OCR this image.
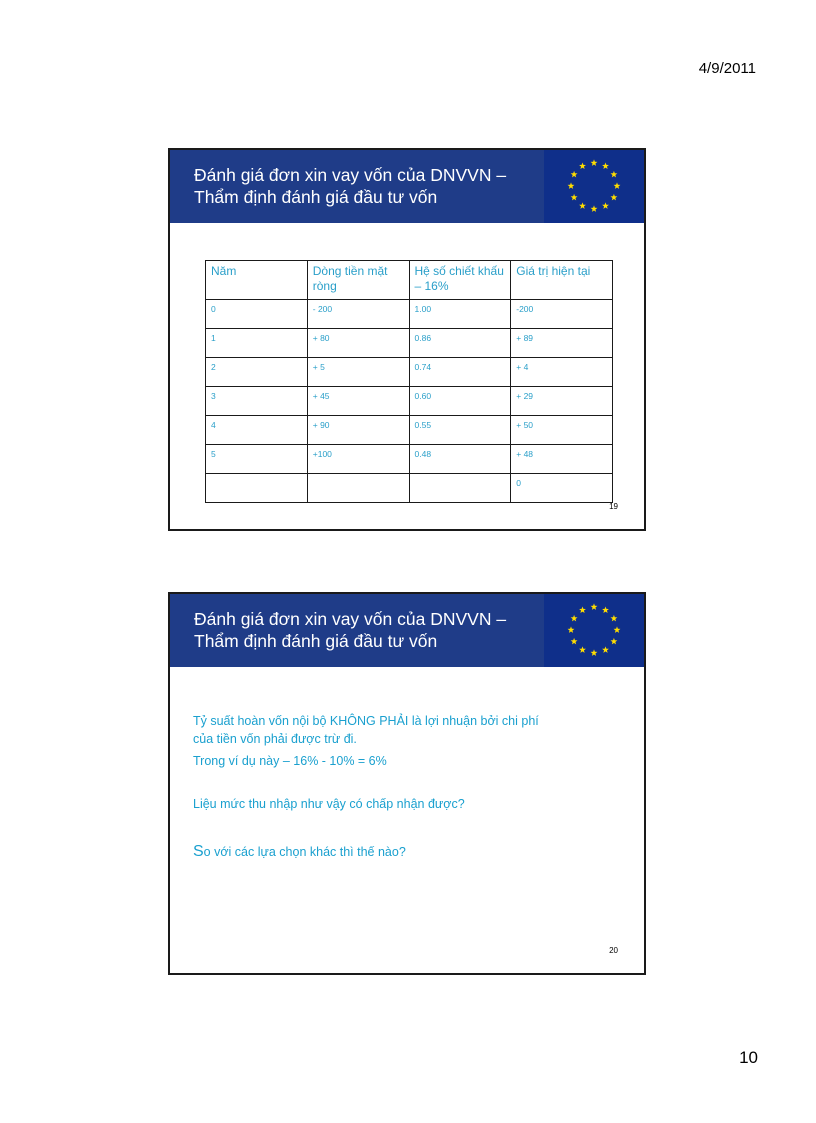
4/9/2011
Đánh giá đơn xin vay vốn của DNVVN –
Thẩm định đánh giá đầu tư vốn
Năm	Dòng tiền mặt ròng	Hệ số chiết khấu – 16%	Giá trị hiện tại
0	- 200	1.00	-200
1	+ 80	0.86	+ 89
2	+ 5	0.74	+ 4
3	+ 45	0.60	+ 29
4	+ 90	0.55	+ 50
5	+100	0.48	+ 48
			0
19
Đánh giá đơn xin vay vốn của DNVVN –
Thẩm định đánh giá đầu tư vốn

Tỷ suất hoàn vốn nội bộ KHÔNG PHẢI là lợi nhuận bởi chi phí

của tiền vốn phải được trừ đi.

Trong ví dụ này – 16% - 10% = 6%

Liệu mức thu nhập như vậy có chấp nhận được?

So với các lựa chọn khác thì thế nào?

20
10
